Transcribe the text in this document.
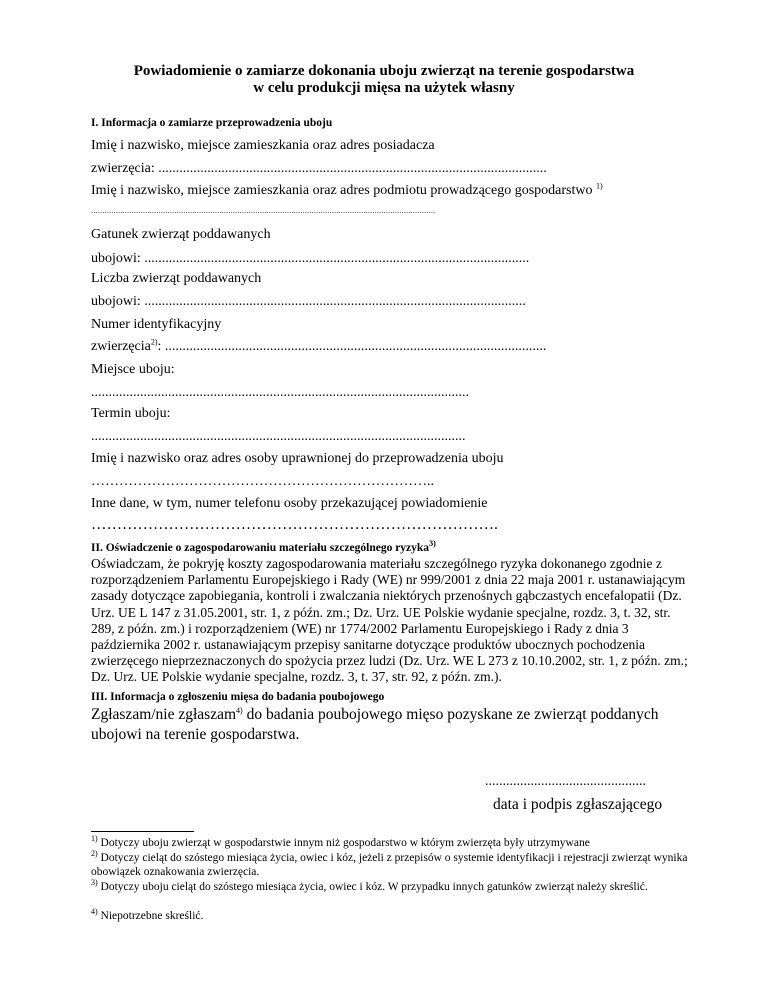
Powiadomienie o zamiarze dokonania uboju zwierząt na terenie gospodarstwa
w celu produkcji mięsa na użytek własny
I. Informacja o zamiarze przeprowadzenia uboju
Imię i nazwisko, miejsce zamieszkania oraz adres posiadacza
zwierzęcia: ...............................................................................................................
Imię i nazwisko, miejsce zamieszkania oraz adres podmiotu prowadzącego gospodarstwo $^{1)}$
.........................................................................................................................................................
Gatunek zwierząt poddawanych
ubojowi: ..............................................................................................................
Liczba zwierząt poddawanych
ubojowi: .............................................................................................................
Numer identyfikacyjny
zwierzęcia$^{2)}$: .............................................................................................................
Miejsce uboju:
............................................................................................................
Termin uboju:
...........................................................................................................
Imię i nazwisko oraz adres osoby uprawnionej do przeprowadzenia uboju
………………………………………………………………..
Inne dane, w tym, numer telefonu osoby przekazującej powiadomienie
…………………………………………………………………….
II. Oświadczenie o zagospodarowaniu materiału szczególnego ryzyka$^{3)}$
Oświadczam, że pokryję koszty zagospodarowania materiału szczególnego ryzyka dokonanego zgodnie z rozporządzeniem Parlamentu Europejskiego i Rady (WE) nr 999/2001 z dnia 22 maja 2001 r. ustanawiającym zasady dotyczące zapobiegania, kontroli i zwalczania niektórych przenośnych gąbczastych encefalopatii (Dz. Urz. UE L 147 z 31.05.2001, str. 1, z późn. zm.; Dz. Urz. UE Polskie wydanie specjalne, rozdz. 3, t. 32, str. 289, z późn. zm.) i rozporządzeniem (WE) nr 1774/2002 Parlamentu Europejskiego i Rady z dnia 3 października 2002 r. ustanawiającym przepisy sanitarne dotyczące produktów ubocznych pochodzenia zwierzęcego nieprzeznaczonych do spożycia przez ludzi (Dz. Urz. WE L 273 z 10.10.2002, str. 1, z późn. zm.; Dz. Urz. UE Polskie wydanie specjalne, rozdz. 3, t. 37, str. 92, z późn. zm.).
III. Informacja o zgłoszeniu mięsa do badania poubojowego
Zgłaszam/nie zgłaszam$^{4)}$ do badania poubojowego mięso pozyskane ze zwierząt poddanych ubojowi na terenie gospodarstwa.
..............................................
data i podpis zgłaszającego
$^{1)}$ Dotyczy uboju zwierząt w gospodarstwie innym niż gospodarstwo w którym zwierzęta były utrzymywane
$^{2)}$ Dotyczy cieląt do szóstego miesiąca życia, owiec i kóz, jeżeli z przepisów o systemie identyfikacji i rejestracji zwierząt wynika obowiązek oznakowania zwierzęcia.
$^{3)}$ Dotyczy uboju cieląt do szóstego miesiąca życia, owiec i kóz. W przypadku innych gatunków zwierząt należy skreślić.
$^{4)}$ Niepotrzebne skreślić.
